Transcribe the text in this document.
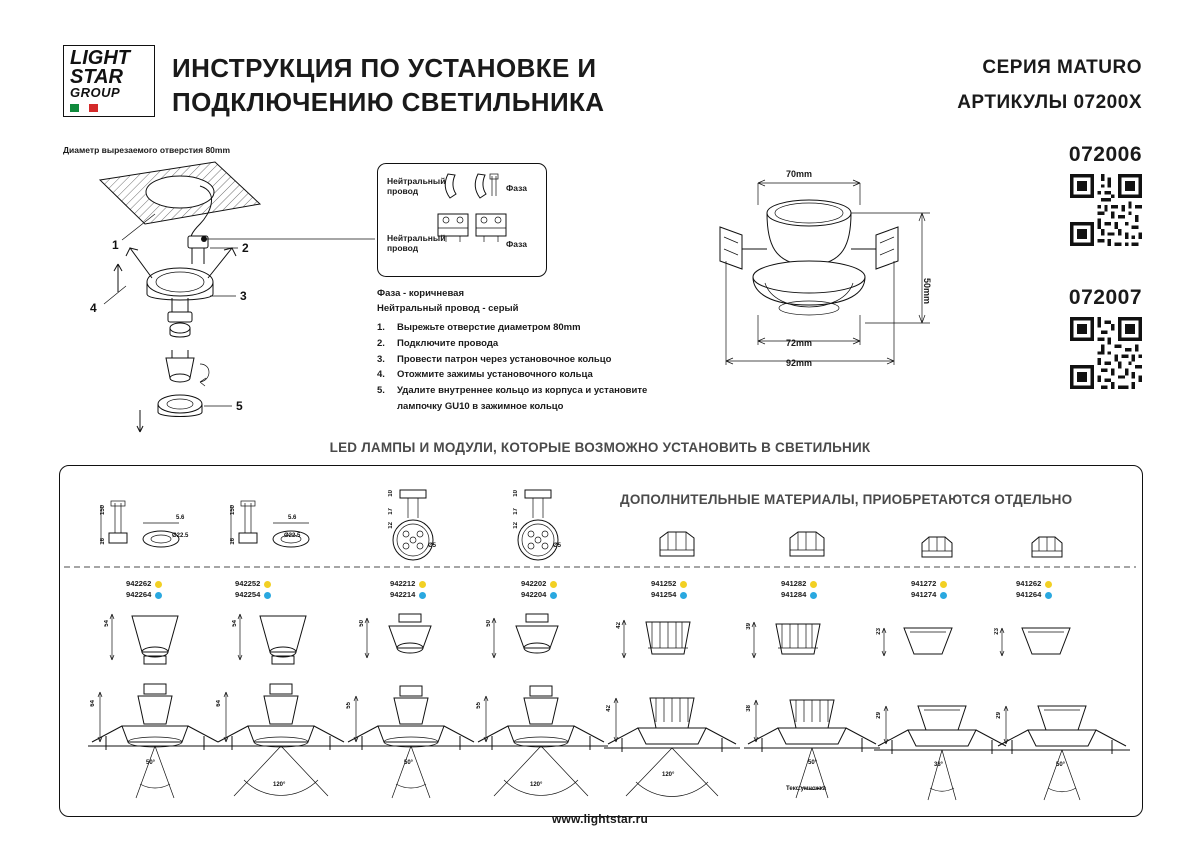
LIGHT
STAR
GROUP
ИНСТРУКЦИЯ ПО УСТАНОВКЕ И ПОДКЛЮЧЕНИЮ СВЕТИЛЬНИКА
СЕРИЯ MATURO
АРТИКУЛЫ 07200X
072006
072007
Диаметр вырезаемого отверстия 80mm
1
4
2
3
5
Нейтральный
провод	Фаза
Нейтральный
провод	Фаза
Фаза - коричневая
Нейтральный провод - серый
1.	Вырежьте отверстие диаметром 80mm
2.	Подключите провода
3.	Провести патрон через установочное кольцо
4.	Отожмите зажимы установочного кольца
5.	Удалите внутреннее кольцо из корпуса и установите лампочку GU10 в зажимное кольцо
70mm
50mm
72mm
92mm
LED ЛАМПЫ И МОДУЛИ, КОТОРЫЕ ВОЗМОЖНО УСТАНОВИТЬ В СВЕТИЛЬНИК
ДОПОЛНИТЕЛЬНЫЕ МАТЕРИАЛЫ, ПРИОБРЕТАЮТСЯ ОТДЕЛЬНО
150
16
5.6
Ø22.5
150
16
5.6
Ø22.5
10
17
12
Ø5
10
17
12
Ø5
942262
942264
942252
942254
942212
942214
942202
942204
941252
941254
941282
941284
941272
941274
941262
941264
54	54	50	50	42	39
23	23
64
50°
64
120°
55
50°
55
120°
42
120°
38
50°
Текс.умножка
29
38°
29
50°
www.lightstar.ru
